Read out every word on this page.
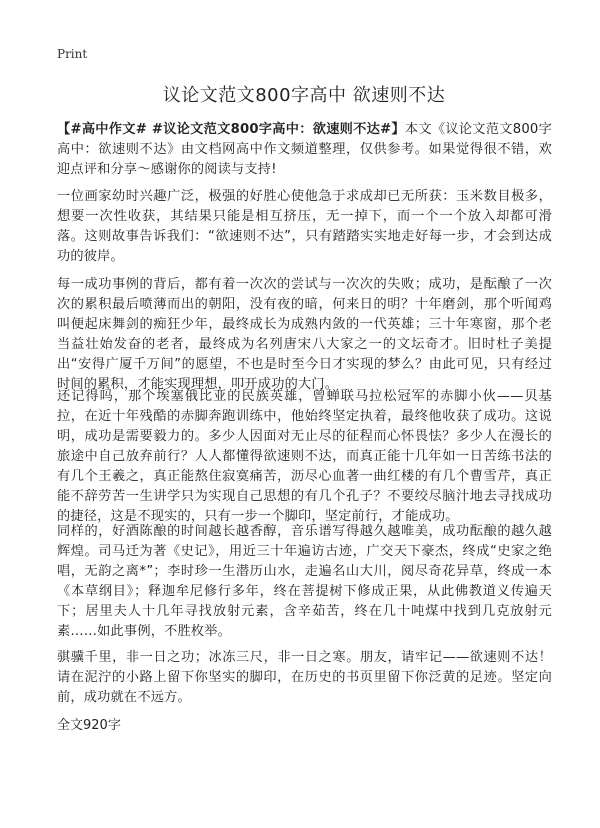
Print
议论文范文800字高中 欲速则不达

【#高中作文# #议论文范文800字高中：欲速则不达#】本文《议论文范文800字高中：欲速则不达》由文档网高中作文频道整理，仅供参考。如果觉得很不错，欢迎点评和分享～感谢你的阅读与支持!

一位画家幼时兴趣广泛，极强的好胜心使他急于求成却已无所获：玉米数目极多，想要一次性收获，其结果只能是相互挤压，无一掉下，而一个一个放入却都可滑落。这则故事告诉我们：“欲速则不达”，只有踏踏实实地走好每一步，才会到达成功的彼岸。

每一成功事例的背后，都有着一次次的尝试与一次次的失败；成功，是酝酿了一次次的累积最后喷薄而出的朝阳，没有夜的暗，何来日的明？十年磨剑，那个听闻鸡叫便起床舞剑的痴狂少年，最终成长为成熟内敛的一代英雄；三十年寒窗，那个老当益壮始发奋的老者，最终成为名列唐宋八大家之一的文坛奇才。旧时杜子美提出“安得广厦千万间”的愿望，不也是时至今日才实现的梦么？由此可见，只有经过时间的累积，才能实现理想，叩开成功的大门。

还记得吗，那个埃塞俄比亚的民族英雄，曾蝉联马拉松冠军的赤脚小伙——贝基拉，在近十年残酷的赤脚奔跑训练中，他始终坚定执着，最终他收获了成功。这说明，成功是需要毅力的。多少人因面对无止尽的征程而心怀畏怯？多少人在漫长的旅途中自己放弃前行？人人都懂得欲速则不达，而真正能十几年如一日苦练书法的有几个王羲之，真正能熬住寂寞痛苦，沥尽心血著一曲红楼的有几个曹雪芹，真正能不辞劳苦一生讲学只为实现自己思想的有几个孔子？不要绞尽脑汁地去寻找成功的捷径，这是不现实的，只有一步一个脚印，坚定前行，才能成功。

同样的，好酒陈酿的时间越长越香醇，音乐谱写得越久越唯美，成功酝酿的越久越辉煌。司马迁为著《史记》，用近三十年遍访古迹，广交天下豪杰，终成“史家之绝唱，无韵之离*”；李时珍一生潜历山水，走遍名山大川，阅尽奇花异草，终成一本《本草纲目》；释迦牟尼修行多年，终在菩提树下修成正果，从此佛教道义传遍天下；居里夫人十几年寻找放射元素，含辛茹苦，终在几十吨煤中找到几克放射元素……如此事例，不胜枚举。

骐骥千里，非一日之功；冰冻三尺，非一日之寒。朋友，请牢记——欲速则不达！请在泥泞的小路上留下你坚实的脚印，在历史的书页里留下你泛黄的足迹。坚定向前，成功就在不远方。

全文920字
